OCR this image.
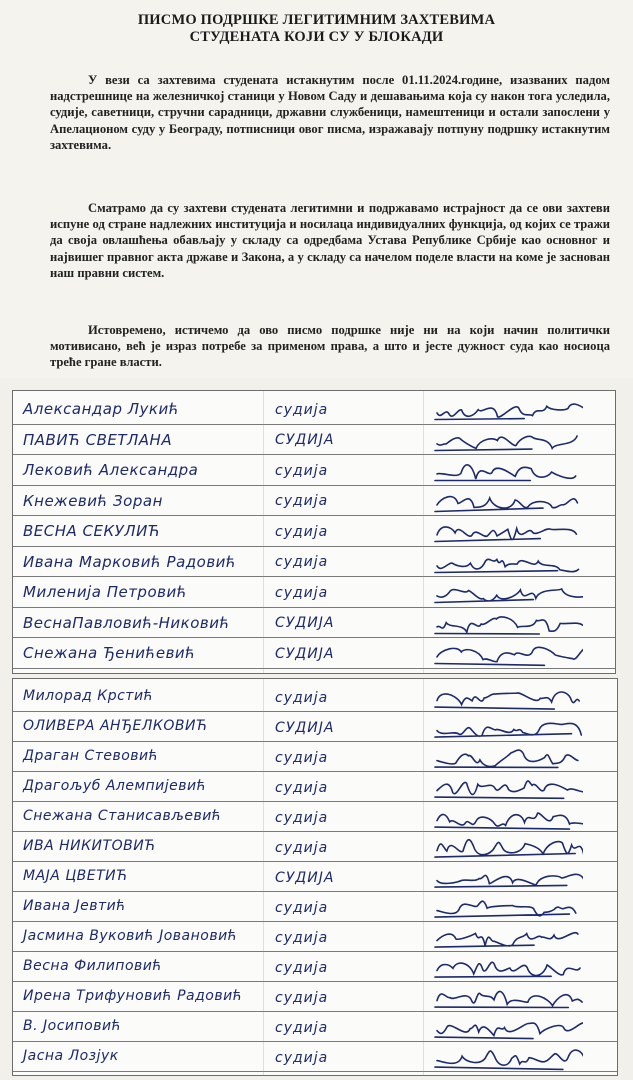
ПИСМО ПОДРШКЕ ЛЕГИТИМНИМ ЗАХТЕВИМА
СТУДЕНАТА КОЈИ СУ У БЛОКАДИ
У вези са захтевима студената истакнутим после 01.11.2024.године, изазваних падом надстрешнице на железничкој станици у Новом Саду и дешавањима која су након тога уследила, судије, саветници, стручни сарадници, државни службеници, намештеници и остали запослени у Апелационом суду у Београду, потписници овог писма, изражавају потпуну подршку истакнутим захтевима.
Сматрамо да су захтеви студената легитимни и подржавамо истрајност да се ови захтеви испуне од стране надлежних институција и носилаца индивидуалних функција, од којих се тражи да своја овлашћења обављају у складу са одредбама Устава Републике Србије као основног и највишег правног акта државе и Закона, а у складу са начелом поделе власти на коме је заснован наш правни систем.
Истовремено, истичемо да ово писмо подршке није ни на који начин политички мотивисано, већ је израз потребе за применом права, а што и јесте дужност суда као носиоца треће гране власти.
Александар Лукић	судија
ПАВИЋ СВЕТЛАНА	СУДИЈА
Лековић Александра	судија
Кнежевић Зоран	судија
ВЕСНА СЕКУЛИЋ	судија
Ивана Марковић Радовић	судија
Миленија Петровић	судија
ВеснаПавловић-Никовић	СУДИЈА
Снежана Ђенићевић	СУДИЈА
Милорад Крстић	судија
ОЛИВЕРА АНЂЕЛКОВИЋ	СУДИЈА
Драган Стевовић	судија
Драгољуб Алемпијевић	судија
Снежана Станисављевић	судија
ИВА НИКИТОВИЋ	судија
МАЈА ЦВЕТИЋ	СУДИЈА
Ивана Јевтић	судија
Јасмина Вуковић Јовановић	судија
Весна Филиповић	судија
Ирена Трифуновић Радовић судија
В. Јосиповић	судија
Јасна Лозјук	судија
